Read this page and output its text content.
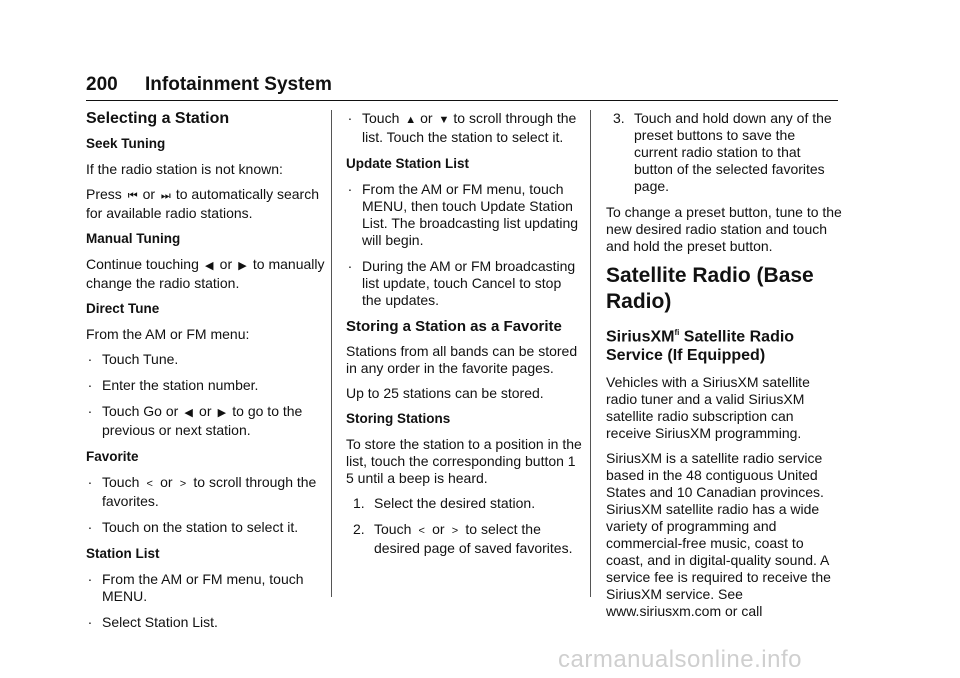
200 Infotainment System
Selecting a Station
Seek Tuning

If the radio station is not known:

Press ⏮ or ⏭ to automatically search for available radio stations.

Manual Tuning

Continue touching ◀ or ▶ to manually change the radio station.

Direct Tune

From the AM or FM menu:

. Touch Tune.
. Enter the station number.
. Touch Go or ◀ or ▶ to go to the previous or next station.
Favorite
. Touch < or > to scroll through the favorites.
. Touch on the station to select it.
Station List
. From the AM or FM menu, touch MENU.
. Select Station List.
. Touch ▲ or ▼ to scroll through the list. Touch the station to select it.
Update Station List
. From the AM or FM menu, touch MENU, then touch Update Station List. The broadcasting list updating will begin.
. During the AM or FM broadcasting list update, touch Cancel to stop the updates.
Storing a Station as a Favorite

Stations from all bands can be stored in any order in the favorite pages.

Up to 25 stations can be stored.

Storing Stations

To store the station to a position in the list, touch the corresponding button 1 5 until a beep is heard.

1. Select the desired station.
2. Touch < or > to select the desired page of saved favorites.
3. Touch and hold down any of the preset buttons to save the current radio station to that button of the selected favorites page.

To change a preset button, tune to the new desired radio station and touch and hold the preset button.

Satellite Radio (Base Radio)
SiriusXM$^{fi}$ Satellite Radio Service (If Equipped)

Vehicles with a SiriusXM satellite radio tuner and a valid SiriusXM satellite radio subscription can receive SiriusXM programming.

SiriusXM is a satellite radio service based in the 48 contiguous United States and 10 Canadian provinces. SiriusXM satellite radio has a wide variety of programming and commercial-free music, coast to coast, and in digital-quality sound. A service fee is required to receive the SiriusXM service. See www.siriusxm.com or call

carmanualsonline.info
